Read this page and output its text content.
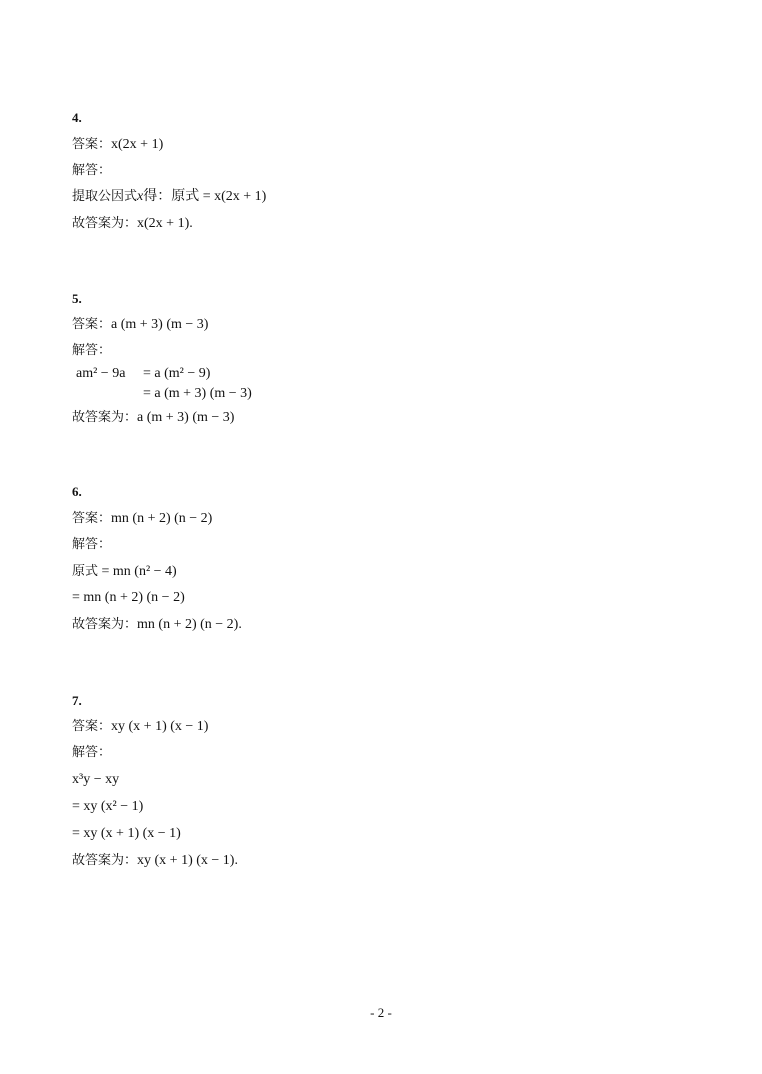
4.
答案：x(2x + 1)
解答：
提取公因式x得：原式 = x(2x + 1)
故答案为：x(2x + 1).
5.
答案：a (m + 3) (m − 3)
解答：
am² − 9a = a (m² − 9)
= a (m + 3) (m − 3)
故答案为：a (m + 3) (m − 3)
6.
答案：mn (n + 2) (n − 2)
解答：
原式 = mn (n² − 4)
= mn (n + 2) (n − 2)
故答案为：mn (n + 2) (n − 2).
7.
答案：xy (x + 1) (x − 1)
解答：
x³y − xy
= xy (x² − 1)
= xy (x + 1) (x − 1)
故答案为：xy (x + 1) (x − 1).
- 2 -
